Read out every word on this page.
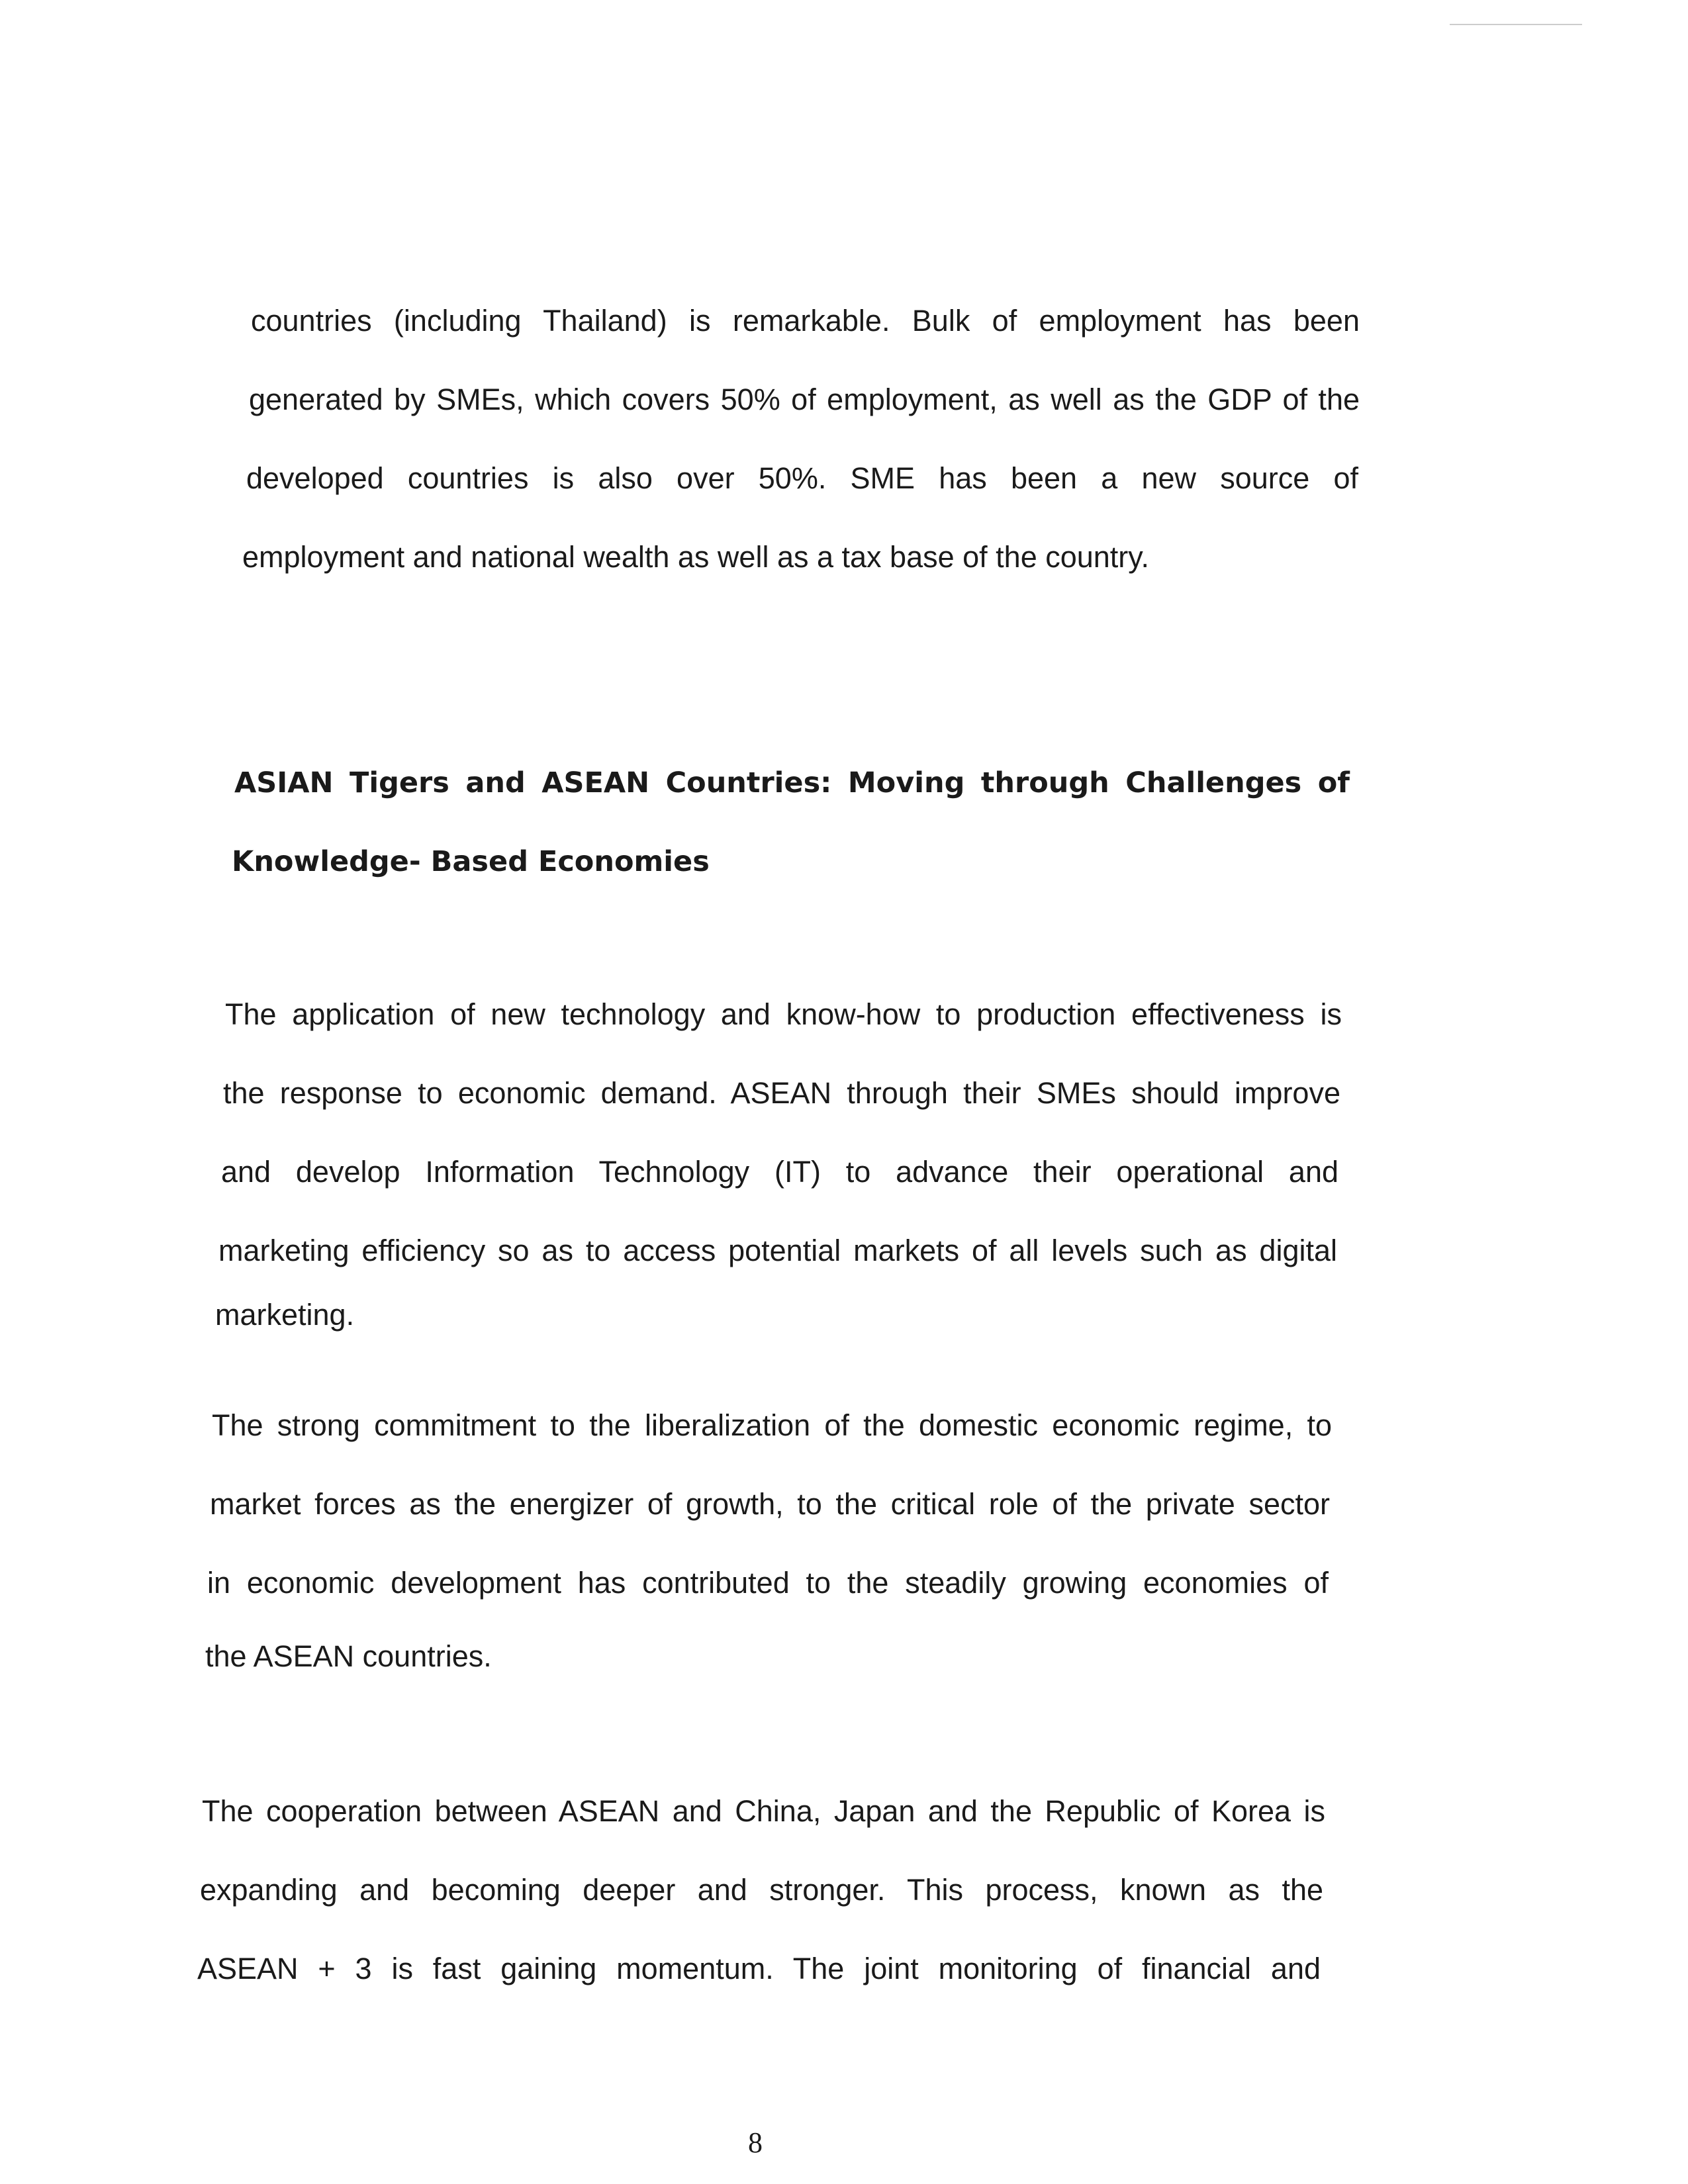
countries (including Thailand) is remarkable. Bulk of employment has been
generated by SMEs, which covers 50% of employment, as well as the GDP of the
developed countries is also over 50%. SME has been a new source of
employment and national wealth as well as a tax base of the country.
ASIAN Tigers and ASEAN Countries: Moving through Challenges of
Knowledge- Based Economies
The application of new technology and know-how to production effectiveness is
the response to economic demand. ASEAN through their SMEs should improve
and develop Information Technology (IT) to advance their operational and
marketing efficiency so as to access potential markets of all levels such as digital
marketing.
The strong commitment to the liberalization of the domestic economic regime, to
market forces as the energizer of growth, to the critical role of the private sector
in economic development has contributed to the steadily growing economies of
the ASEAN countries.
The cooperation between ASEAN and China, Japan and the Republic of Korea is
expanding and becoming deeper and stronger. This process, known as the
ASEAN + 3 is fast gaining momentum. The joint monitoring of financial and
8
